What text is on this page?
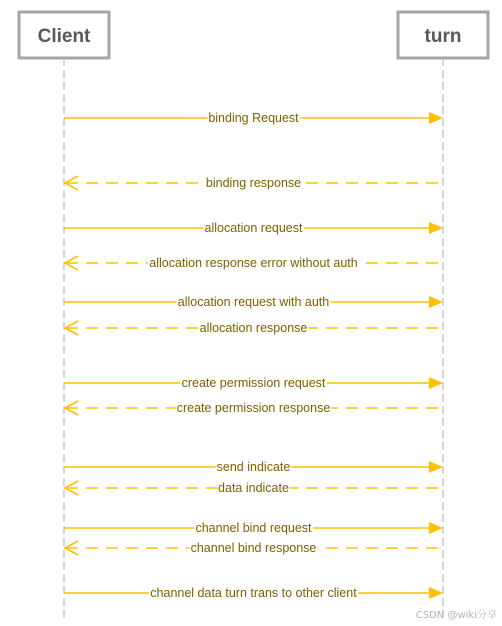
Client	turn
binding Request
binding response
allocation request
allocation response error without auth
allocation request with auth
allocation response
create permission request
create permission response
send indicate
data indicate
channel bind request
channel bind response
channel data turn trans to other client
CSDN @wiki分享
